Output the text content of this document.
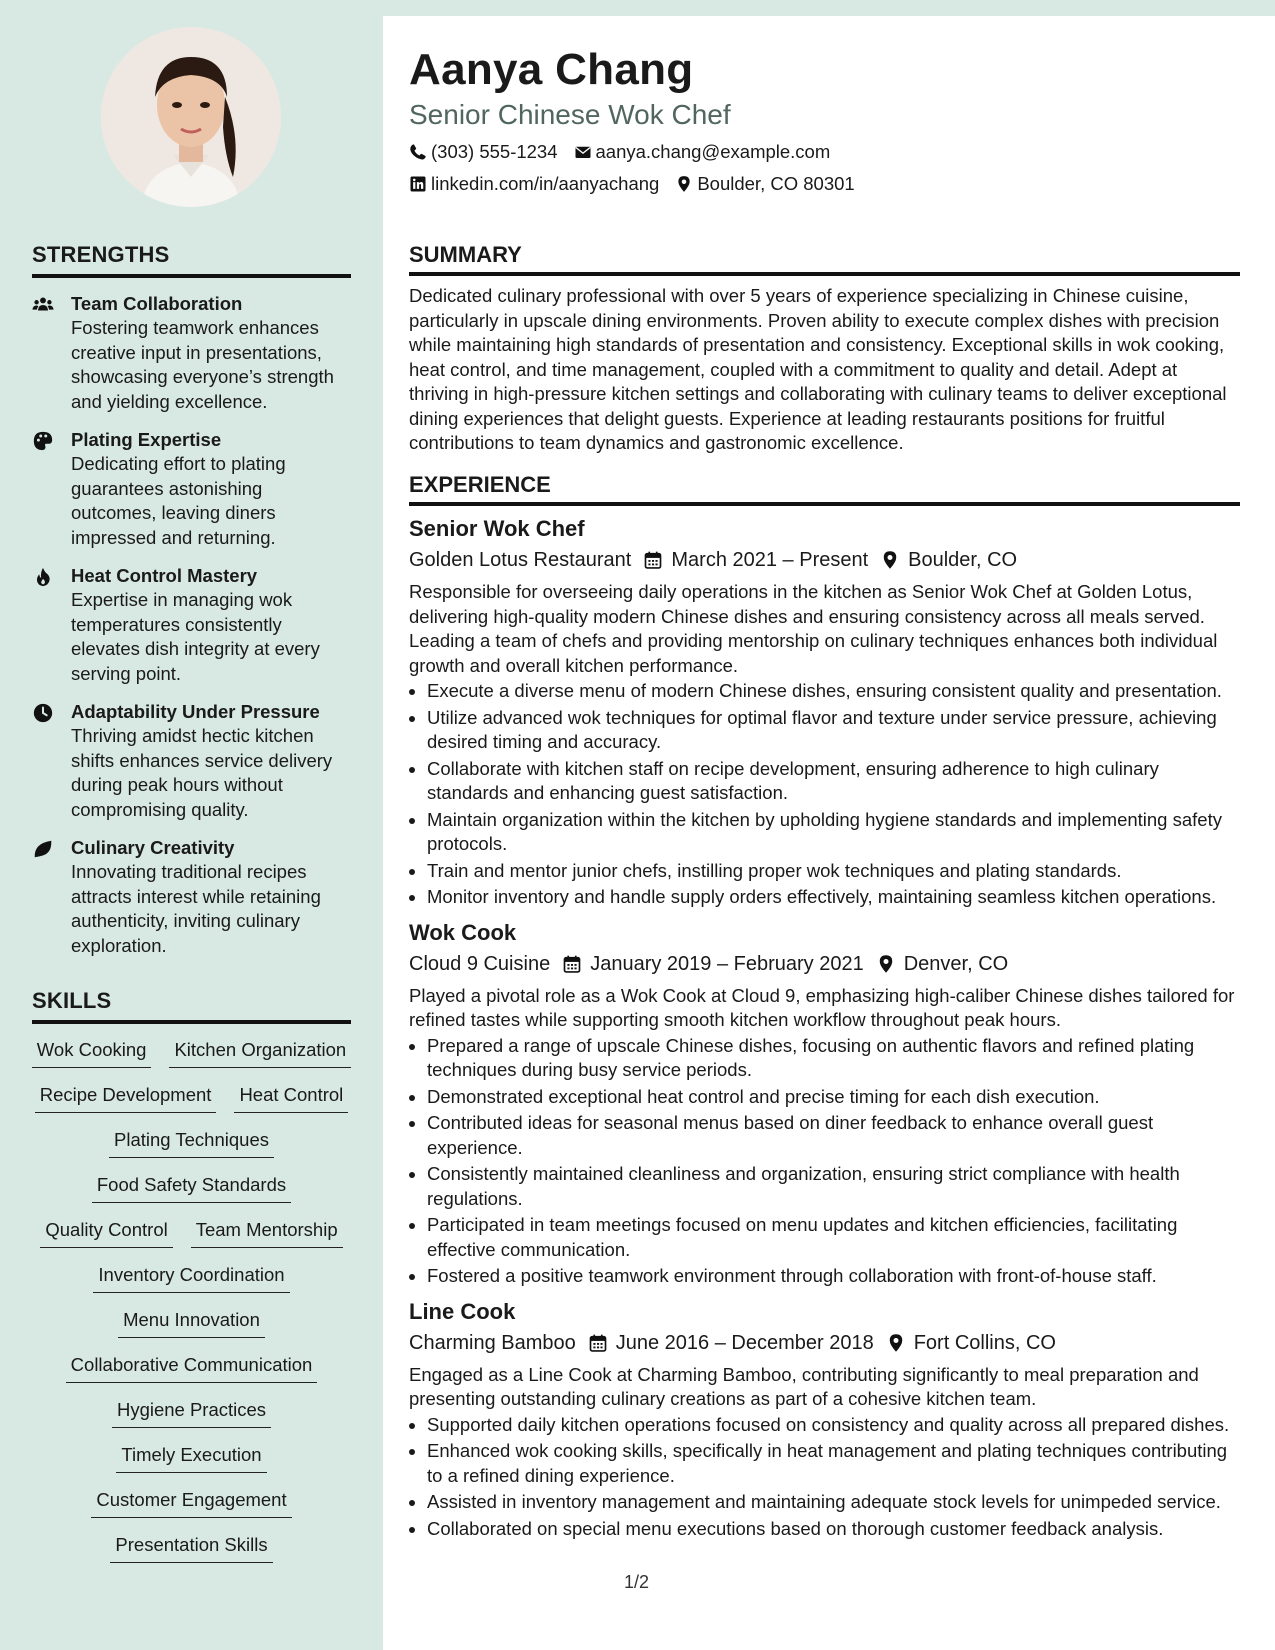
STRENGTHS
Team Collaboration
Fostering teamwork enhances creative input in presentations, showcasing everyone’s strength and yielding excellence.
Plating Expertise
Dedicating effort to plating guarantees astonishing outcomes, leaving diners impressed and returning.
Heat Control Mastery
Expertise in managing wok temperatures consistently elevates dish integrity at every serving point.
Adaptability Under Pressure
Thriving amidst hectic kitchen shifts enhances service delivery during peak hours without compromising quality.
Culinary Creativity
Innovating traditional recipes attracts interest while retaining authenticity, inviting culinary exploration.
SKILLS
Wok Cooking Kitchen Organization
Recipe Development Heat Control
Plating Techniques
Food Safety Standards
Quality Control Team Mentorship
Inventory Coordination
Menu Innovation
Collaborative Communication
Hygiene Practices
Timely Execution
Customer Engagement
Presentation Skills
Aanya Chang
Senior Chinese Wok Chef
(303) 555-1234 aanya.chang@example.com
linkedin.com/in/aanyachang Boulder, CO 80301
SUMMARY

Dedicated culinary professional with over 5 years of experience specializing in Chinese cuisine, particularly in upscale dining environments. Proven ability to execute complex dishes with precision while maintaining high standards of presentation and consistency. Exceptional skills in wok cooking, heat control, and time management, coupled with a commitment to quality and detail. Adept at thriving in high-pressure kitchen settings and collaborating with culinary teams to deliver exceptional dining experiences that delight guests. Experience at leading restaurants positions for fruitful contributions to team dynamics and gastronomic excellence.

EXPERIENCE
Senior Wok Chef
Golden Lotus Restaurant March 2021 – Present Boulder, CO
Responsible for overseeing daily operations in the kitchen as Senior Wok Chef at Golden Lotus, delivering high-quality modern Chinese dishes and ensuring consistency across all meals served. Leading a team of chefs and providing mentorship on culinary techniques enhances both individual growth and overall kitchen performance.
• Execute a diverse menu of modern Chinese dishes, ensuring consistent quality and presentation.
• Utilize advanced wok techniques for optimal flavor and texture under service pressure, achieving desired timing and accuracy.
• Collaborate with kitchen staff on recipe development, ensuring adherence to high culinary standards and enhancing guest satisfaction.
• Maintain organization within the kitchen by upholding hygiene standards and implementing safety protocols.
• Train and mentor junior chefs, instilling proper wok techniques and plating standards.
• Monitor inventory and handle supply orders effectively, maintaining seamless kitchen operations.
Wok Cook
Cloud 9 Cuisine January 2019 – February 2021 Denver, CO
Played a pivotal role as a Wok Cook at Cloud 9, emphasizing high-caliber Chinese dishes tailored for refined tastes while supporting smooth kitchen workflow throughout peak hours.
• Prepared a range of upscale Chinese dishes, focusing on authentic flavors and refined plating techniques during busy service periods.
• Demonstrated exceptional heat control and precise timing for each dish execution.
• Contributed ideas for seasonal menus based on diner feedback to enhance overall guest experience.
• Consistently maintained cleanliness and organization, ensuring strict compliance with health regulations.
• Participated in team meetings focused on menu updates and kitchen efficiencies, facilitating effective communication.
• Fostered a positive teamwork environment through collaboration with front-of-house staff.
Line Cook
Charming Bamboo June 2016 – December 2018 Fort Collins, CO
Engaged as a Line Cook at Charming Bamboo, contributing significantly to meal preparation and presenting outstanding culinary creations as part of a cohesive kitchen team.
• Supported daily kitchen operations focused on consistency and quality across all prepared dishes.
• Enhanced wok cooking skills, specifically in heat management and plating techniques contributing to a refined dining experience.
• Assisted in inventory management and maintaining adequate stock levels for unimpeded service.
• Collaborated on special menu executions based on thorough customer feedback analysis.
1/2
